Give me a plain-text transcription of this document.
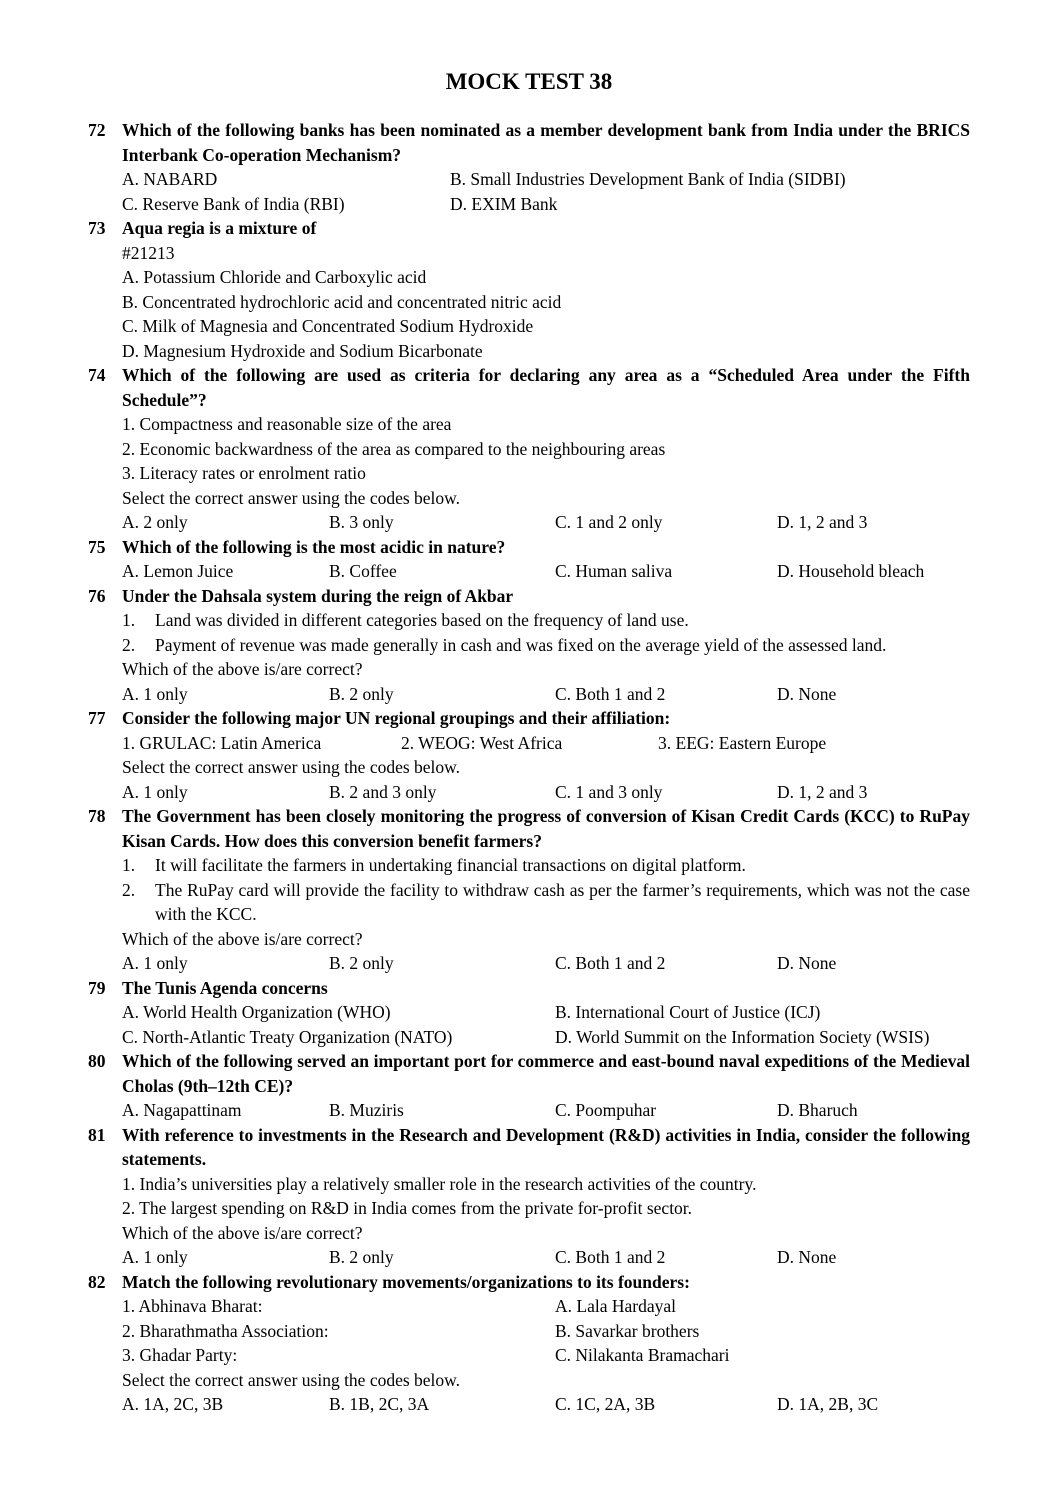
MOCK TEST 38
72 Which of the following banks has been nominated as a member development bank from India under the BRICS Interbank Co-operation Mechanism?

A. NABARD	B. Small Industries Development Bank of India (SIDBI)
C. Reserve Bank of India (RBI)	D. EXIM Bank
73 Aqua regia is a mixture of

#21213
A. Potassium Chloride and Carboxylic acid
B. Concentrated hydrochloric acid and concentrated nitric acid
C. Milk of Magnesia and Concentrated Sodium Hydroxide
D. Magnesium Hydroxide and Sodium Bicarbonate
74 Which of the following are used as criteria for declaring any area as a “Scheduled Area under the Fifth Schedule”?

1. Compactness and reasonable size of the area
2. Economic backwardness of the area as compared to the neighbouring areas
3. Literacy rates or enrolment ratio
Select the correct answer using the codes below.
A. 2 only	B. 3 only	C. 1 and 2 only	D. 1, 2 and 3
75 Which of the following is the most acidic in nature?

A. Lemon Juice	B. Coffee	C. Human saliva	D. Household bleach
76 Under the Dahsala system during the reign of Akbar

1.	Land was divided in different categories based on the frequency of land use.
2.	Payment of revenue was made generally in cash and was fixed on the average yield of the assessed land.
Which of the above is/are correct?
A. 1 only	B. 2 only	C. Both 1 and 2	D. None
77 Consider the following major UN regional groupings and their affiliation:

1. GRULAC: Latin America	2. WEOG: West Africa	3. EEG: Eastern Europe
Select the correct answer using the codes below.
A. 1 only	B. 2 and 3 only	C. 1 and 3 only	D. 1, 2 and 3
78 The Government has been closely monitoring the progress of conversion of Kisan Credit Cards (KCC) to RuPay Kisan Cards. How does this conversion benefit farmers?

1.	It will facilitate the farmers in undertaking financial transactions on digital platform.
2.	The RuPay card will provide the facility to withdraw cash as per the farmer’s requirements, which was not the case with the KCC.
Which of the above is/are correct?
A. 1 only	B. 2 only	C. Both 1 and 2	D. None
79 The Tunis Agenda concerns

A. World Health Organization (WHO)	B. International Court of Justice (ICJ)
C. North-Atlantic Treaty Organization (NATO)	D. World Summit on the Information Society (WSIS)
80 Which of the following served an important port for commerce and east-bound naval expeditions of the Medieval Cholas (9th–12th CE)?

A. Nagapattinam	B. Muziris	C. Poompuhar	D. Bharuch
81 With reference to investments in the Research and Development (R&D) activities in India, consider the following statements.

1. India’s universities play a relatively smaller role in the research activities of the country.
2. The largest spending on R&D in India comes from the private for-profit sector.
Which of the above is/are correct?
A. 1 only	B. 2 only	C. Both 1 and 2	D. None
82 Match the following revolutionary movements/organizations to its founders:

1. Abhinava Bharat:	A. Lala Hardayal
2. Bharathmatha Association:	B. Savarkar brothers
3. Ghadar Party:	C. Nilakanta Bramachari
Select the correct answer using the codes below.
A. 1A, 2C, 3B	B. 1B, 2C, 3A	C. 1C, 2A, 3B	D. 1A, 2B, 3C
